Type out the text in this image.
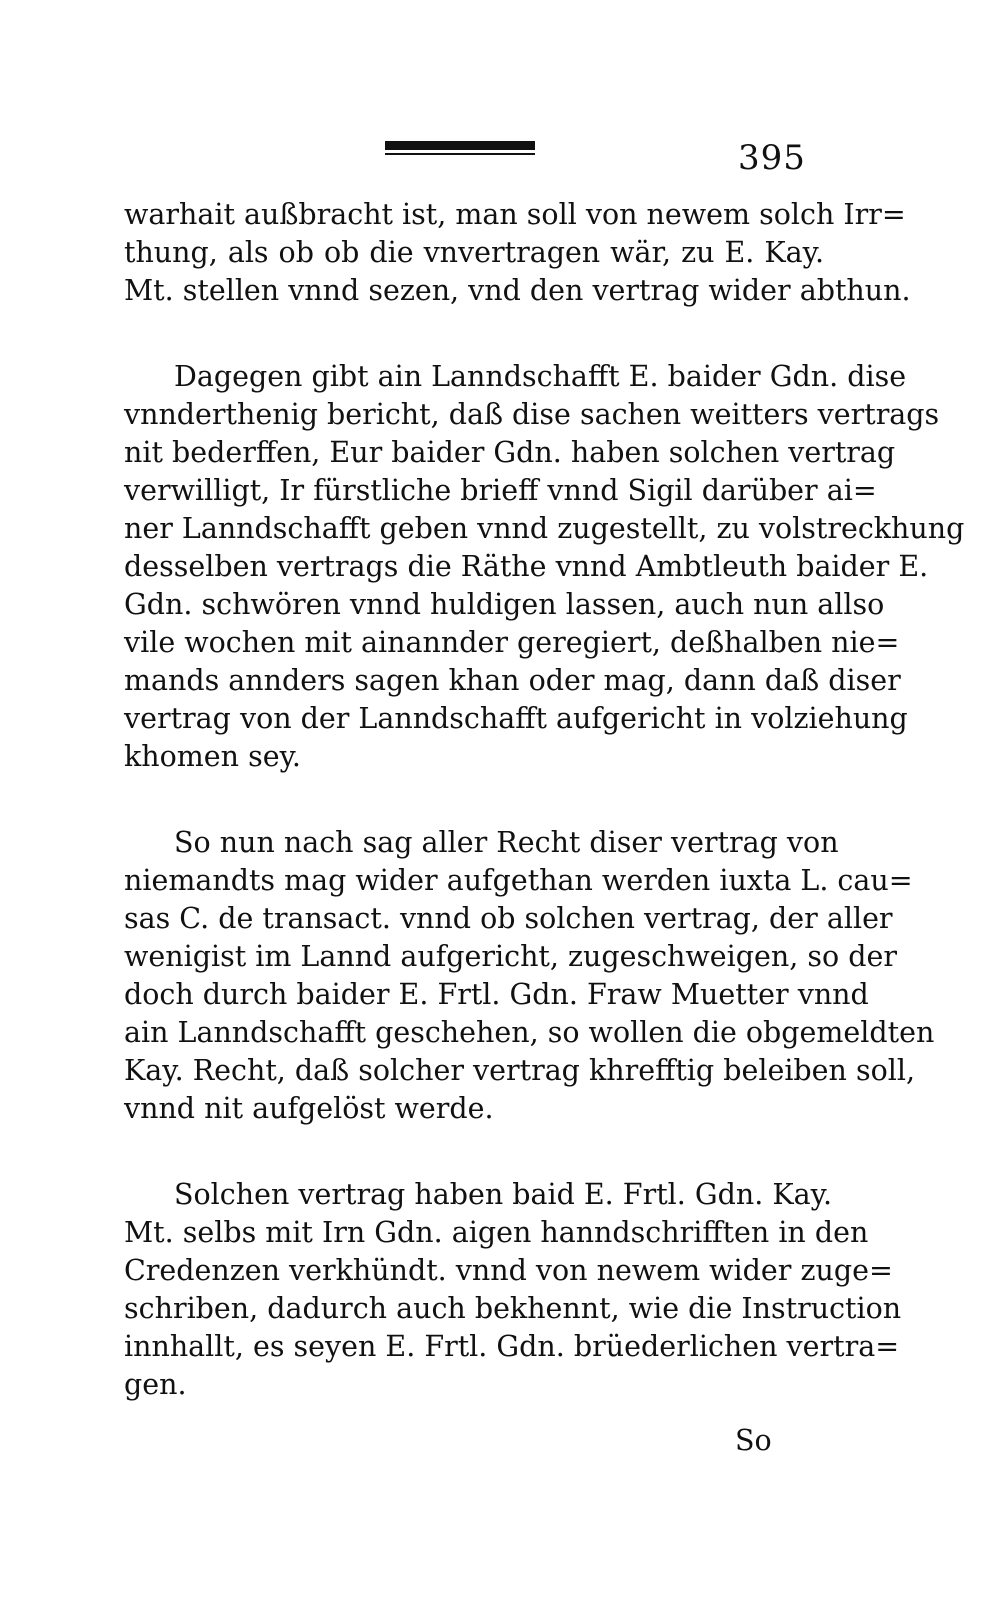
395
warhait außbracht ist, man soll von newem solch Irr=
thung, als ob ob die vnvertragen wär, zu E. Kay.
Mt. stellen vnnd sezen, vnd den vertrag wider abthun.
Dagegen gibt ain Lanndschafft E. baider Gdn. dise
vnnderthenig bericht, daß dise sachen weitters vertrags
nit bederffen, Eur baider Gdn. haben solchen vertrag
verwilligt, Ir fürstliche brieff vnnd Sigil darüber ai=
ner Lanndschafft geben vnnd zugestellt, zu volstreckhung
desselben vertrags die Räthe vnnd Ambtleuth baider E.
Gdn. schwören vnnd huldigen lassen, auch nun allso
vile wochen mit ainannder geregiert, deßhalben nie=
mands annders sagen khan oder mag, dann daß diser
vertrag von der Lanndschafft aufgericht in volziehung
khomen sey.
So nun nach sag aller Recht diser vertrag von
niemandts mag wider aufgethan werden iuxta L. cau=
sas C. de transact. vnnd ob solchen vertrag, der aller
wenigist im Lannd aufgericht, zugeschweigen, so der
doch durch baider E. Frtl. Gdn. Fraw Muetter vnnd
ain Lanndschafft geschehen, so wollen die obgemeldten
Kay. Recht, daß solcher vertrag khrefftig beleiben soll,
vnnd nit aufgelöst werde.
Solchen vertrag haben baid E. Frtl. Gdn. Kay.
Mt. selbs mit Irn Gdn. aigen hanndschrifften in den
Credenzen verkhündt. vnnd von newem wider zuge=
schriben, dadurch auch bekhennt, wie die Instruction
innhallt, es seyen E. Frtl. Gdn. brüederlichen vertra=
gen.
So
